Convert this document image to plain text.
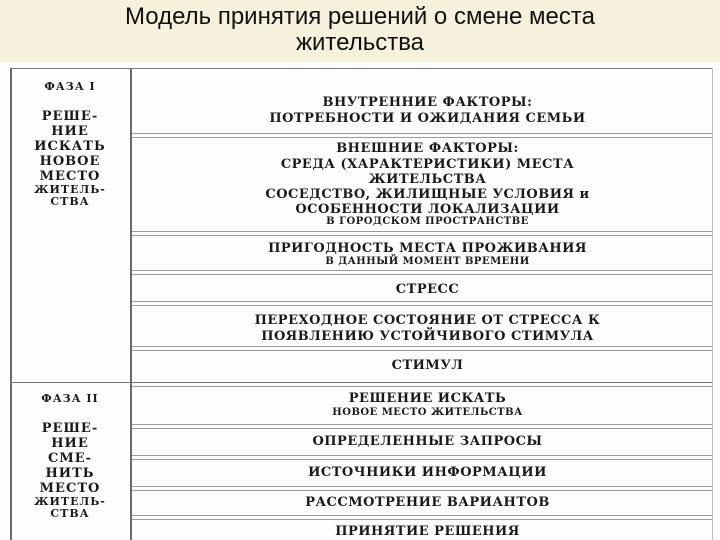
Модель принятия решений о смене места
жительства
ФАЗА I
РЕШЕ-
НИЕ
ИСКАТЬ
НОВОЕ
МЕСТО
ЖИТЕЛЬ-
СТВА
ФАЗА II
РЕШЕ-
НИЕ
СМЕ-
НИТЬ
МЕСТО
ЖИТЕЛЬ-
СТВА
ВНУТРЕННИЕ ФАКТОРЫ:
ПОТРЕБНОСТИ И ОЖИДАНИЯ СЕМЬИ
ВНЕШНИЕ ФАКТОРЫ:
СРЕДА (ХАРАКТЕРИСТИКИ) МЕСТА
ЖИТЕЛЬСТВА
СОСЕДСТВО, ЖИЛИЩНЫЕ УСЛОВИЯ и
ОСОБЕННОСТИ ЛОКАЛИЗАЦИИ
В ГОРОДСКОМ ПРОСТРАНСТВЕ
ПРИГОДНОСТЬ МЕСТА ПРОЖИВАНИЯ
В ДАННЫЙ МОМЕНТ ВРЕМЕНИ
СТРЕСС
ПЕРЕХОДНОЕ СОСТОЯНИЕ ОТ СТРЕССА К
ПОЯВЛЕНИЮ УСТОЙЧИВОГО СТИМУЛА
СТИМУЛ
РЕШЕНИЕ ИСКАТЬ
НОВОЕ МЕСТО ЖИТЕЛЬСТВА
ОПРЕДЕЛЕННЫЕ ЗАПРОСЫ
ИСТОЧНИКИ ИНФОРМАЦИИ
РАССМОТРЕНИЕ ВАРИАНТОВ
ПРИНЯТИЕ РЕШЕНИЯ
